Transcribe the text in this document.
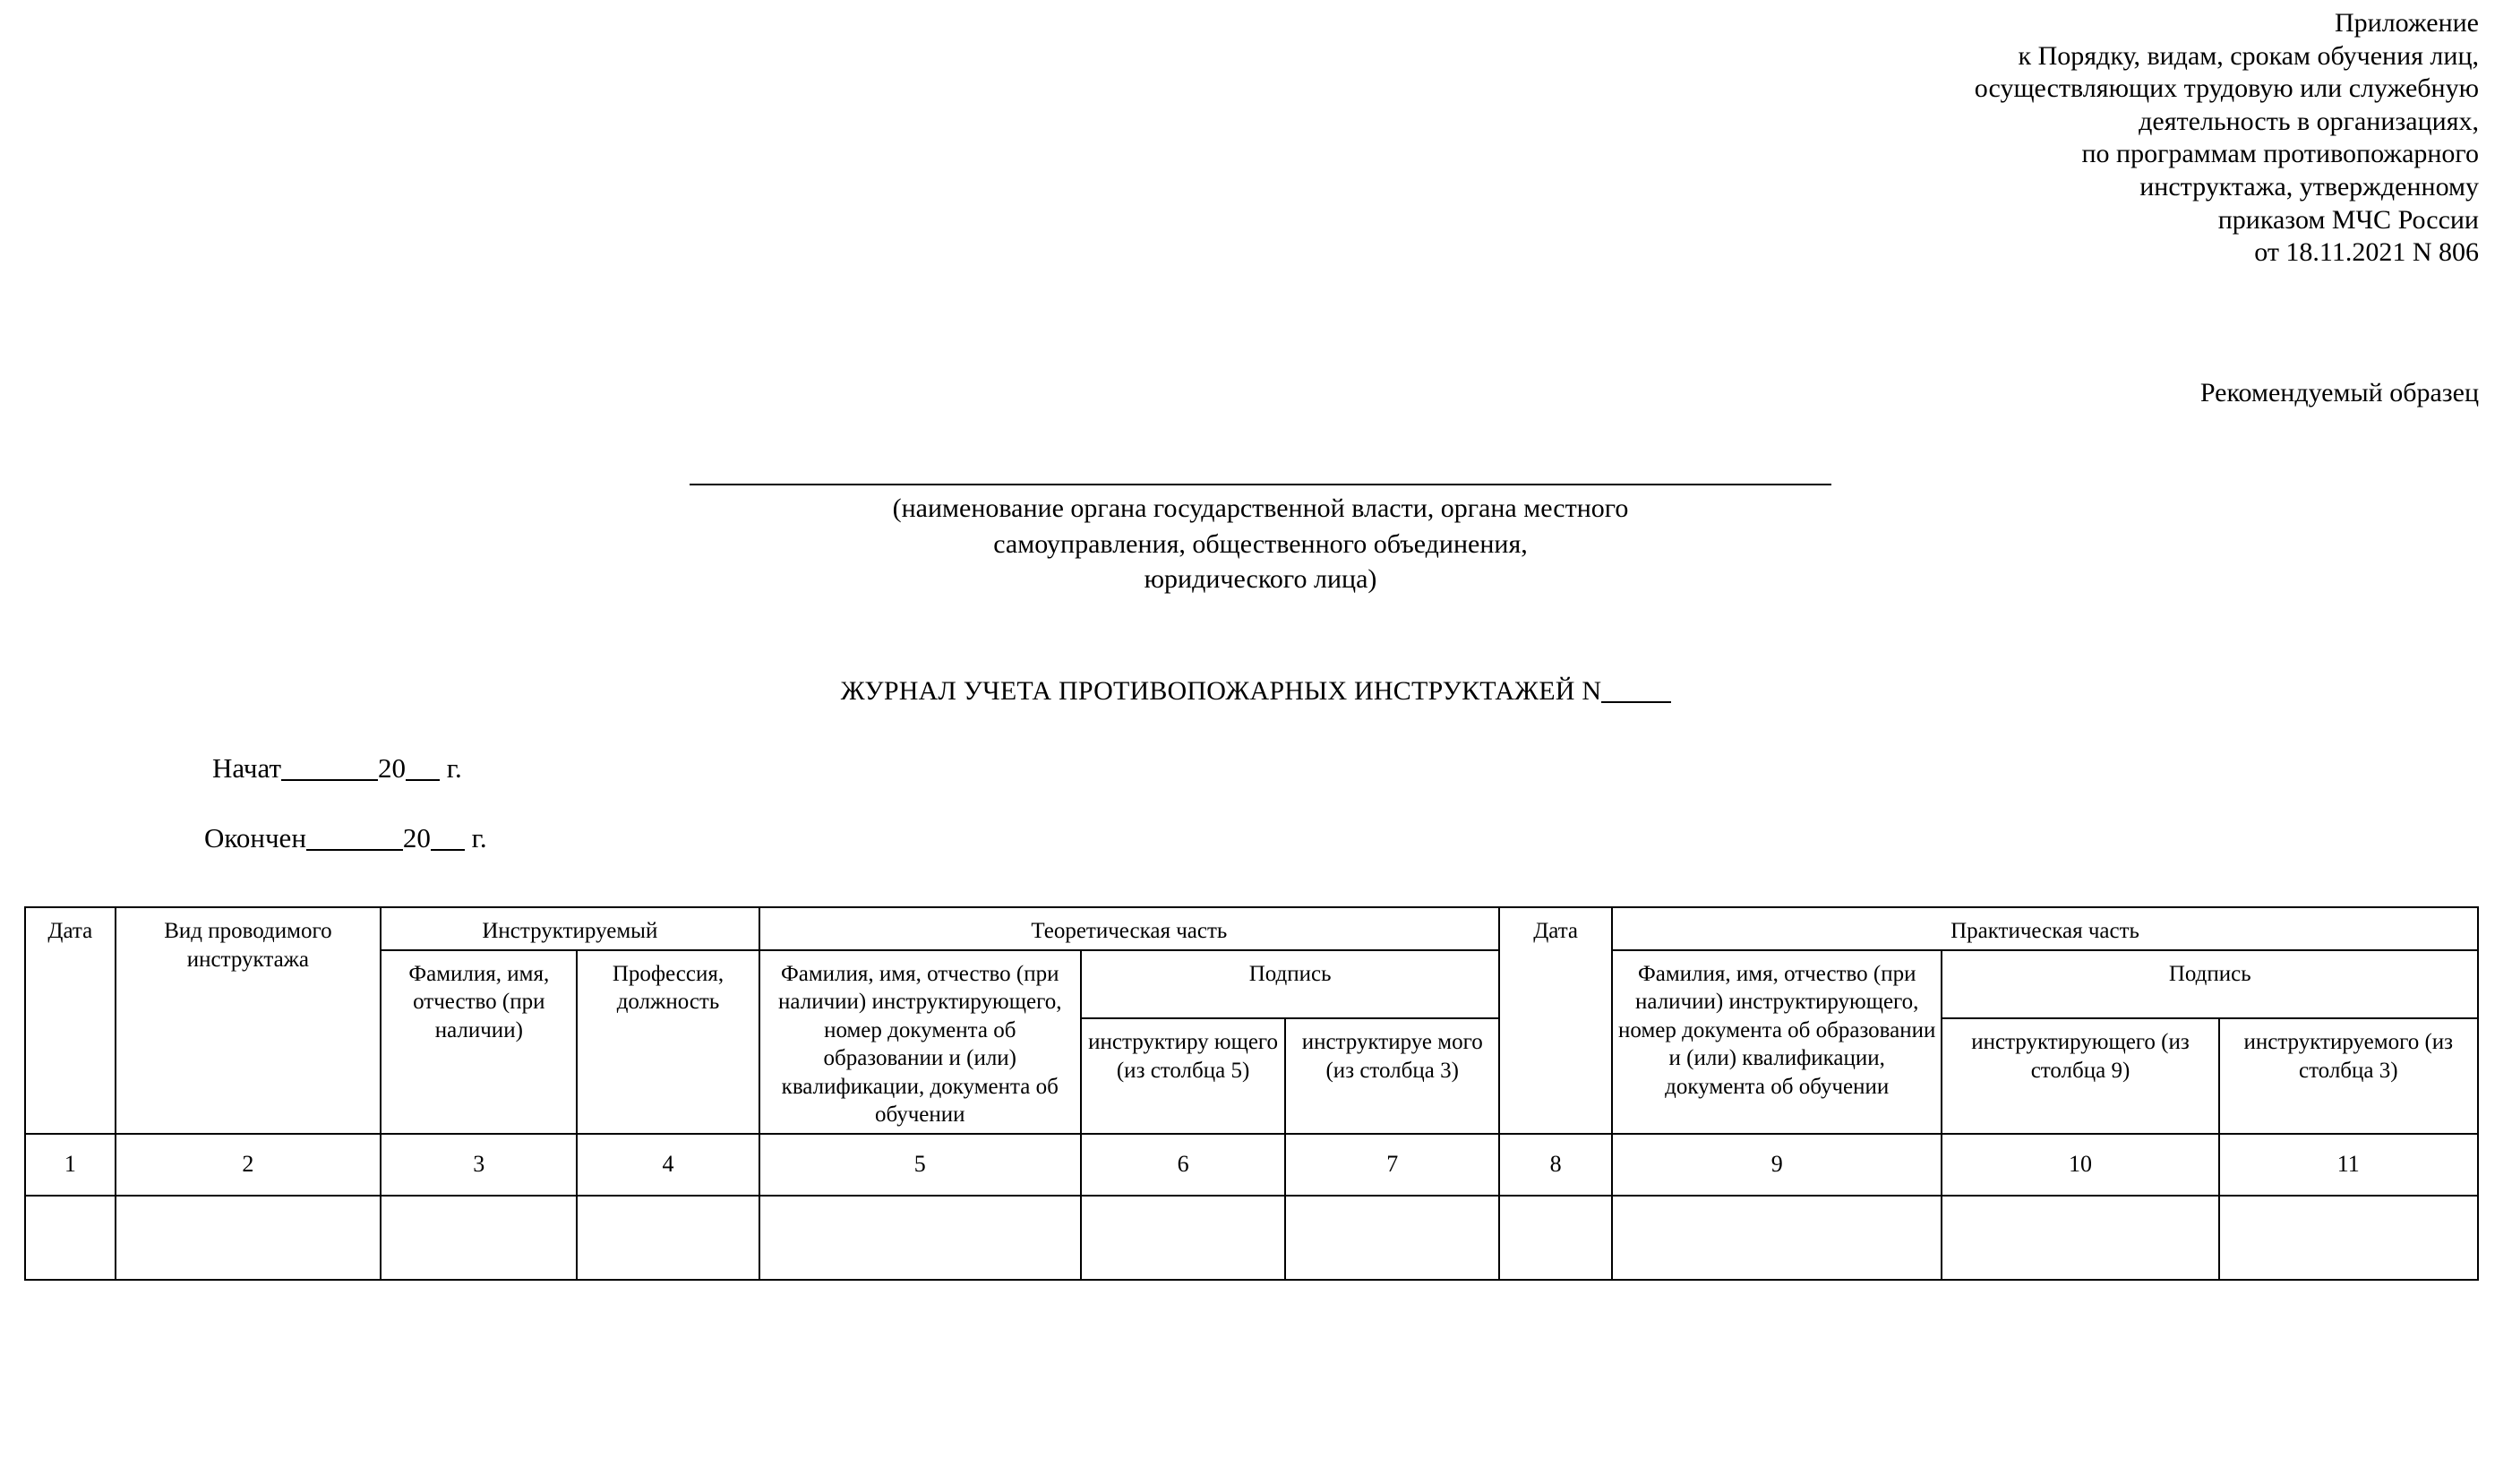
Приложение
к Порядку, видам, срокам обучения лиц,
осуществляющих трудовую или служебную
деятельность в организациях,
по программам противопожарного
инструктажа, утвержденному
приказом МЧС России
от 18.11.2021 N 806
Рекомендуемый образец
(наименование органа государственной власти, органа местного
самоуправления, общественного объединения,
юридического лица)
ЖУРНАЛ УЧЕТА ПРОТИВОПОЖАРНЫХ ИНСТРУКТАЖЕЙ N
Начат	20 г.
Окончен	20 г.
Дата	Вид проводимого инструктажа	Инструктируемый		Теоретическая часть			Дата	Практическая часть		
		Фамилия, имя, отчество (при наличии)	Профессия, должность	Фамилия, имя, отчество (при наличии) инструктирующего, номер документа об образовании и (или) квалификации, документа об обучении	Подпись			Фамилия, имя, отчество (при наличии) инструктирующего, номер документа об образовании и (или) квалификации, документа об обучении	Подпись	
					инструктиру ющего (из столбца 5)	инструктируе мого (из столбца 3)			инструктирующего (из столбца 9)	инструктируемого (из столбца 3)
1	2	3	4	5	6	7	8	9	10	11
